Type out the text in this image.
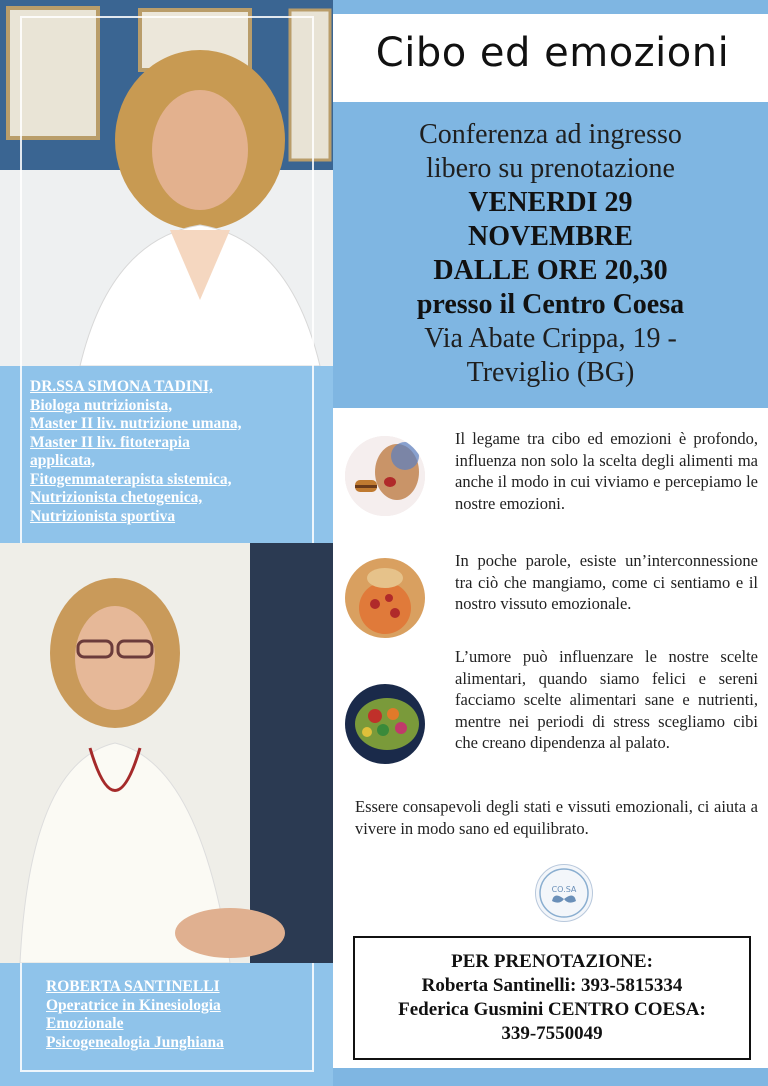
DR.SSA SIMONA TADINI,
Biologa nutrizionista,
Master II liv. nutrizione umana,
Master II liv. fitoterapia
applicata,
Fitogemmaterapista sistemica,
Nutrizionista chetogenica,
Nutrizionista sportiva
ROBERTA SANTINELLI
Operatrice in Kinesiologia
Emozionale
Psicogenealogia Junghiana
Cibo ed emozioni
Conferenza ad ingresso
libero su prenotazione
VENERDI 29
NOVEMBRE
DALLE ORE 20,30
presso il Centro Coesa
Via Abate Crippa, 19 -
Treviglio (BG)
Il legame tra cibo ed emozioni è profondo, influenza non solo la scelta degli alimenti ma anche il modo in cui viviamo e percepiamo le nostre emozioni.
In poche parole, esiste un’interconnessione tra ciò che mangiamo, come ci sentiamo e il nostro vissuto emozionale.
L’umore può influenzare le nostre scelte alimentari, quando siamo felici e sereni facciamo scelte alimentari sane e nutrienti, mentre nei periodi di stress scegliamo cibi che creano dipendenza al palato.
Essere consapevoli degli stati e vissuti emozionali, ci aiuta a vivere in modo sano ed equilibrato.
CO.SA
PER PRENOTAZIONE:
Roberta Santinelli: 393-5815334
Federica Gusmini CENTRO COESA:
339-7550049
